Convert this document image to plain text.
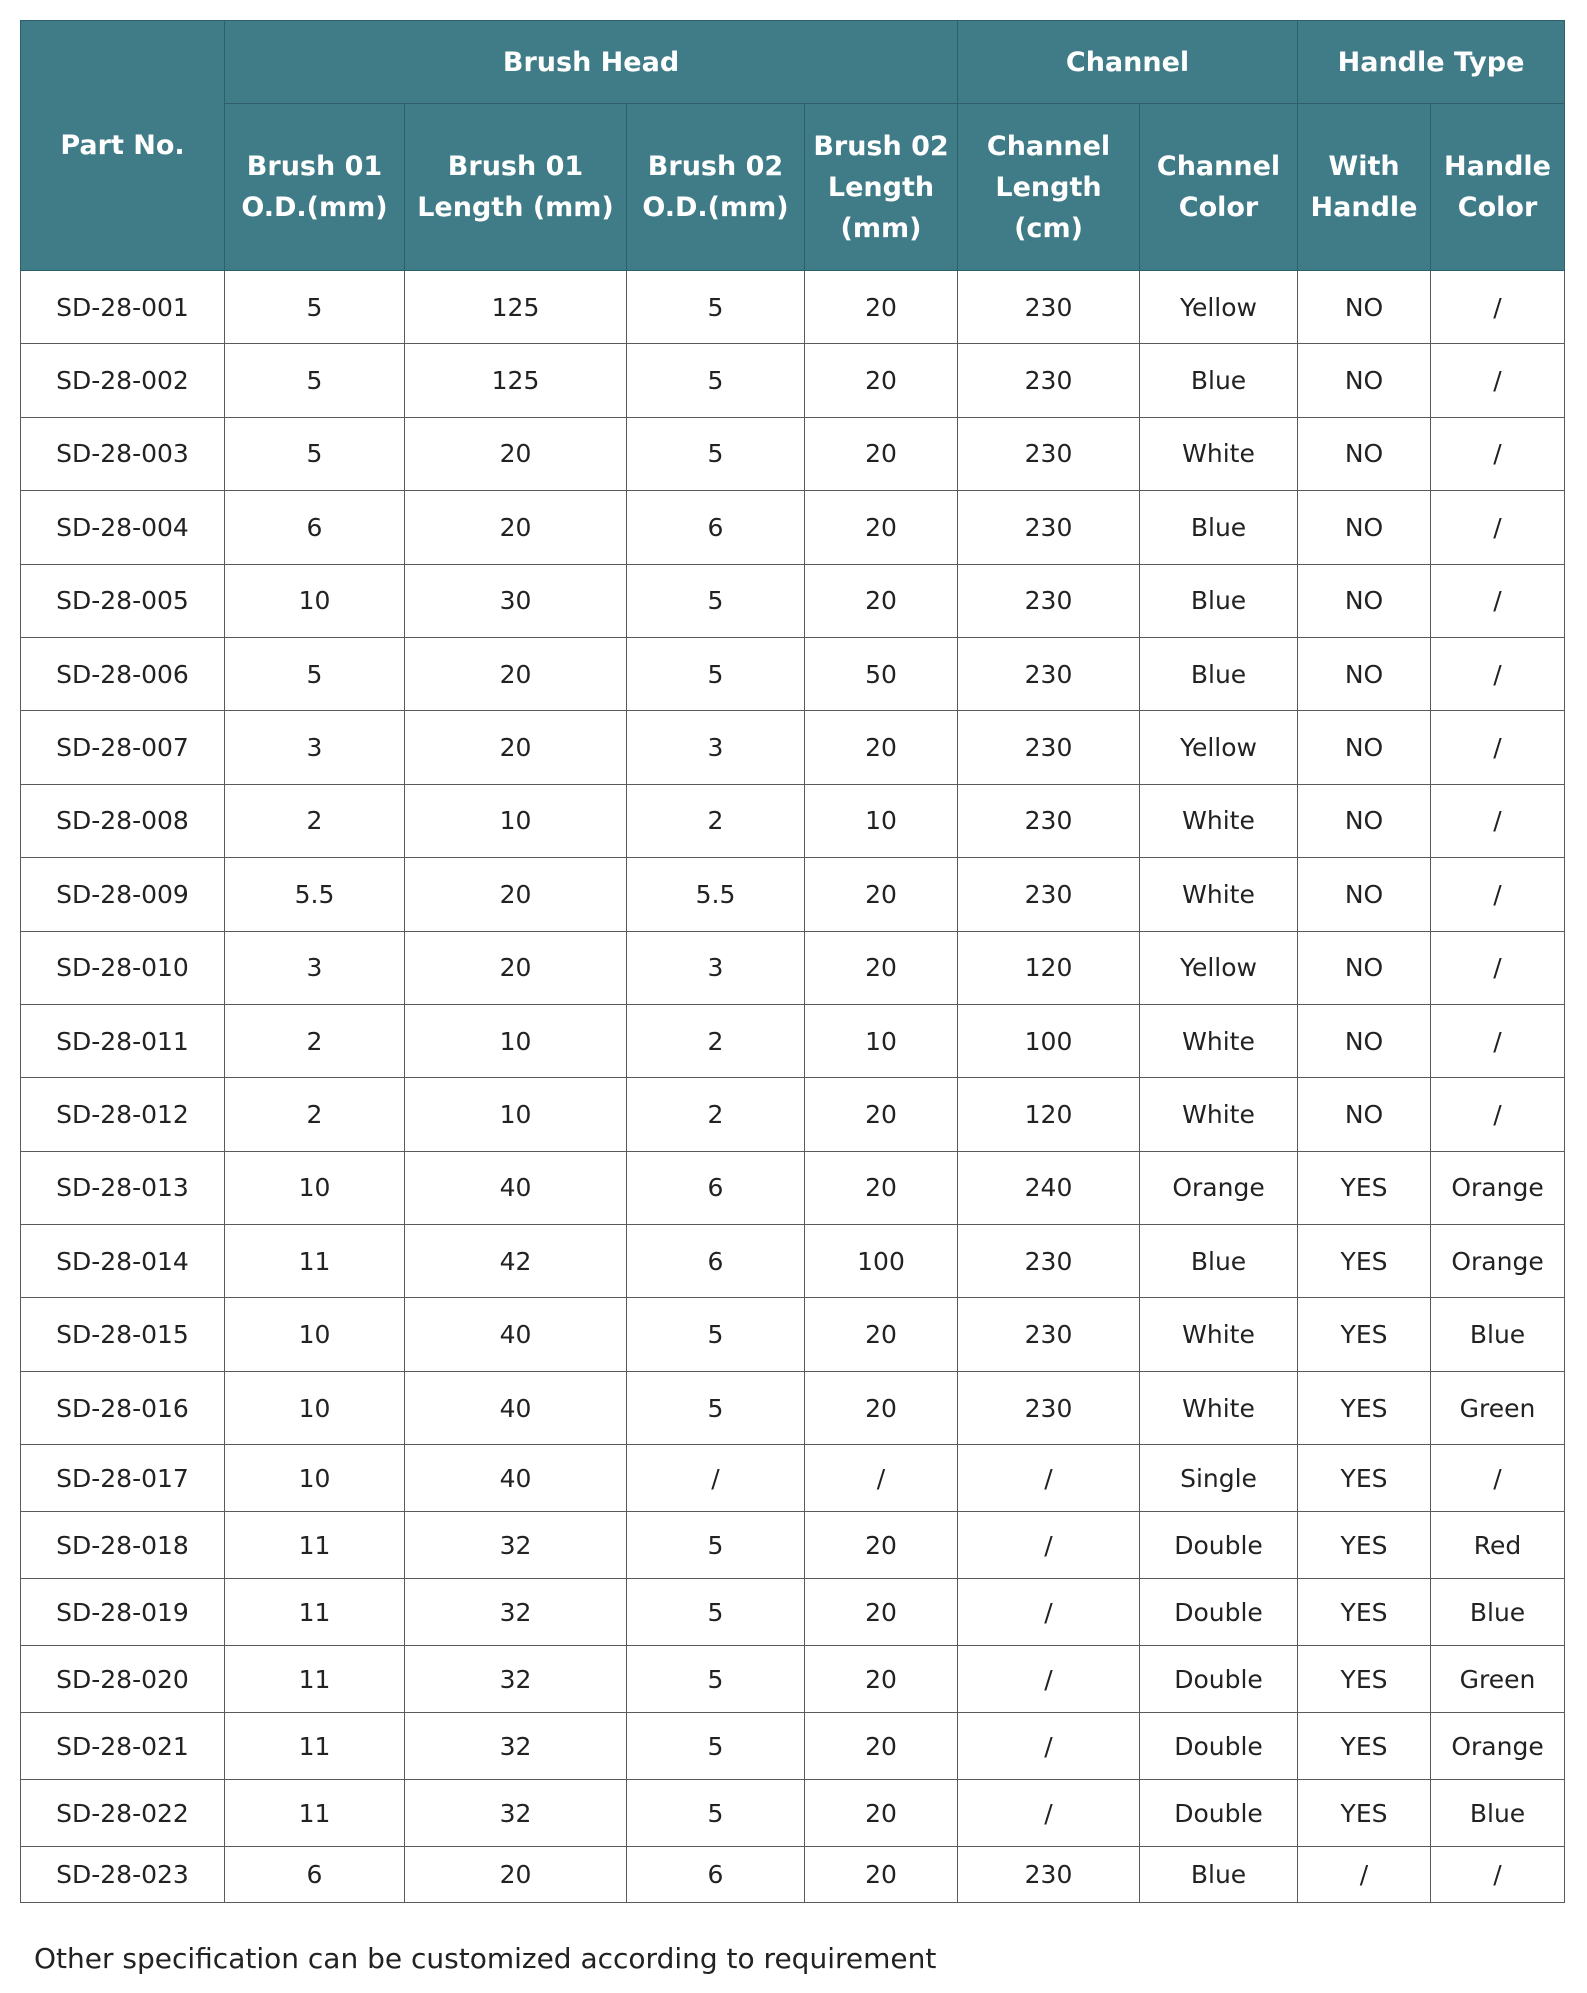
Part No.	Brush Head				Channel		Handle Type	
	Brush 01 O.D.(mm)	Brush 01 Length (mm)	Brush 02 O.D.(mm)	Brush 02 Length (mm)	Channel Length (cm)	Channel Color	With Handle	Handle Color
SD-28-001	5	125	5	20	230	Yellow	NO	/
SD-28-002	5	125	5	20	230	Blue	NO	/
SD-28-003	5	20	5	20	230	White	NO	/
SD-28-004	6	20	6	20	230	Blue	NO	/
SD-28-005	10	30	5	20	230	Blue	NO	/
SD-28-006	5	20	5	50	230	Blue	NO	/
SD-28-007	3	20	3	20	230	Yellow	NO	/
SD-28-008	2	10	2	10	230	White	NO	/
SD-28-009	5.5	20	5.5	20	230	White	NO	/
SD-28-010	3	20	3	20	120	Yellow	NO	/
SD-28-011	2	10	2	10	100	White	NO	/
SD-28-012	2	10	2	20	120	White	NO	/
SD-28-013	10	40	6	20	240	Orange	YES	Orange
SD-28-014	11	42	6	100	230	Blue	YES	Orange
SD-28-015	10	40	5	20	230	White	YES	Blue
SD-28-016	10	40	5	20	230	White	YES	Green
SD-28-017	10	40	/	/	/	Single	YES	/
SD-28-018	11	32	5	20	/	Double	YES	Red
SD-28-019	11	32	5	20	/	Double	YES	Blue
SD-28-020	11	32	5	20	/	Double	YES	Green
SD-28-021	11	32	5	20	/	Double	YES	Orange
SD-28-022	11	32	5	20	/	Double	YES	Blue
SD-28-023	6	20	6	20	230	Blue	/	/
Other specification can be customized according to requirement
